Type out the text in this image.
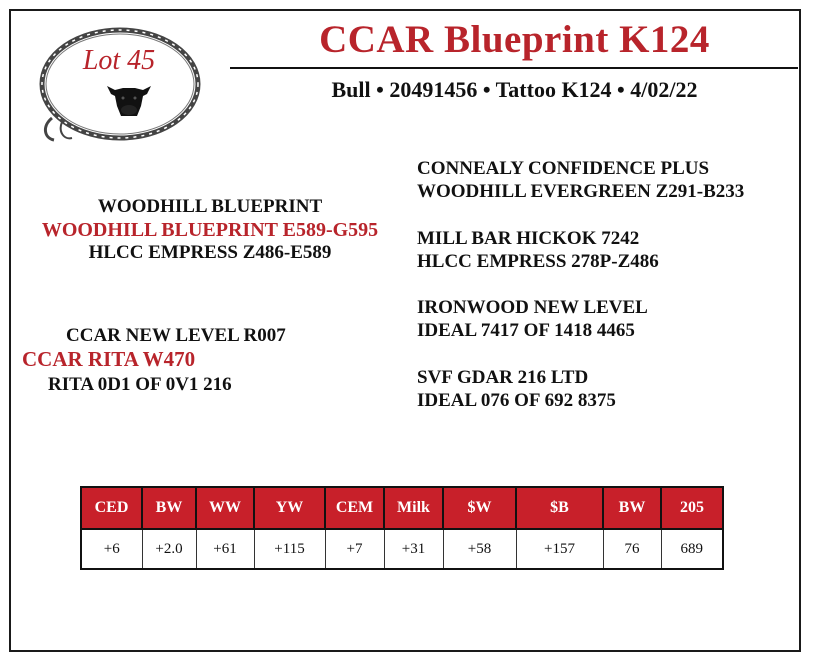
Lot 45	CCAR Blueprint K124
Bull • 20491456 • Tattoo K124 • 4/02/22
WOODHILL BLUEPRINT
WOODHILL BLUEPRINT E589-G595
HLCC EMPRESS Z486-E589
CCAR NEW LEVEL R007
CCAR RITA W470
RITA 0D1 OF 0V1 216
CONNEALY CONFIDENCE PLUS
WOODHILL EVERGREEN Z291-B233
MILL BAR HICKOK 7242
HLCC EMPRESS 278P-Z486
IRONWOOD NEW LEVEL
IDEAL 7417 OF 1418 4465
SVF GDAR 216 LTD
IDEAL 076 OF 692 8375
CED	BW	WW	YW	CEM	Milk	$W	$B	BW	205
+6	+2.0	+61	+115	+7	+31	+58	+157	76	689
